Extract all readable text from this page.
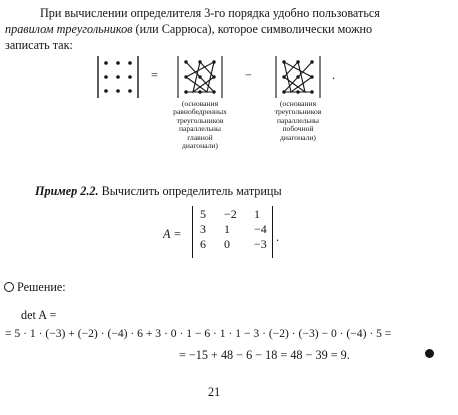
При вычислении определителя 3-го порядка удобно пользоваться
правилом треугольников (или Саррюса), которое символически можно
записать так:
=	−	.
(основания
равнобедренных
треугольников
параллельны
главной
диагонали)
(основания
треугольников
параллельны
побочной
диагонали)
Пример 2.2. Вычислить определитель матрицы
A =
5	−2	1
3	1	−4
6	0	−3 .
Решение:
det A =
= 5 · 1 · (−3) + (−2) · (−4) · 6 + 3 · 0 · 1 − 6 · 1 · 1 − 3 · (−2) · (−3) − 0 · (−4) · 5 =
= −15 + 48 − 6 − 18 = 48 − 39 = 9.
21
